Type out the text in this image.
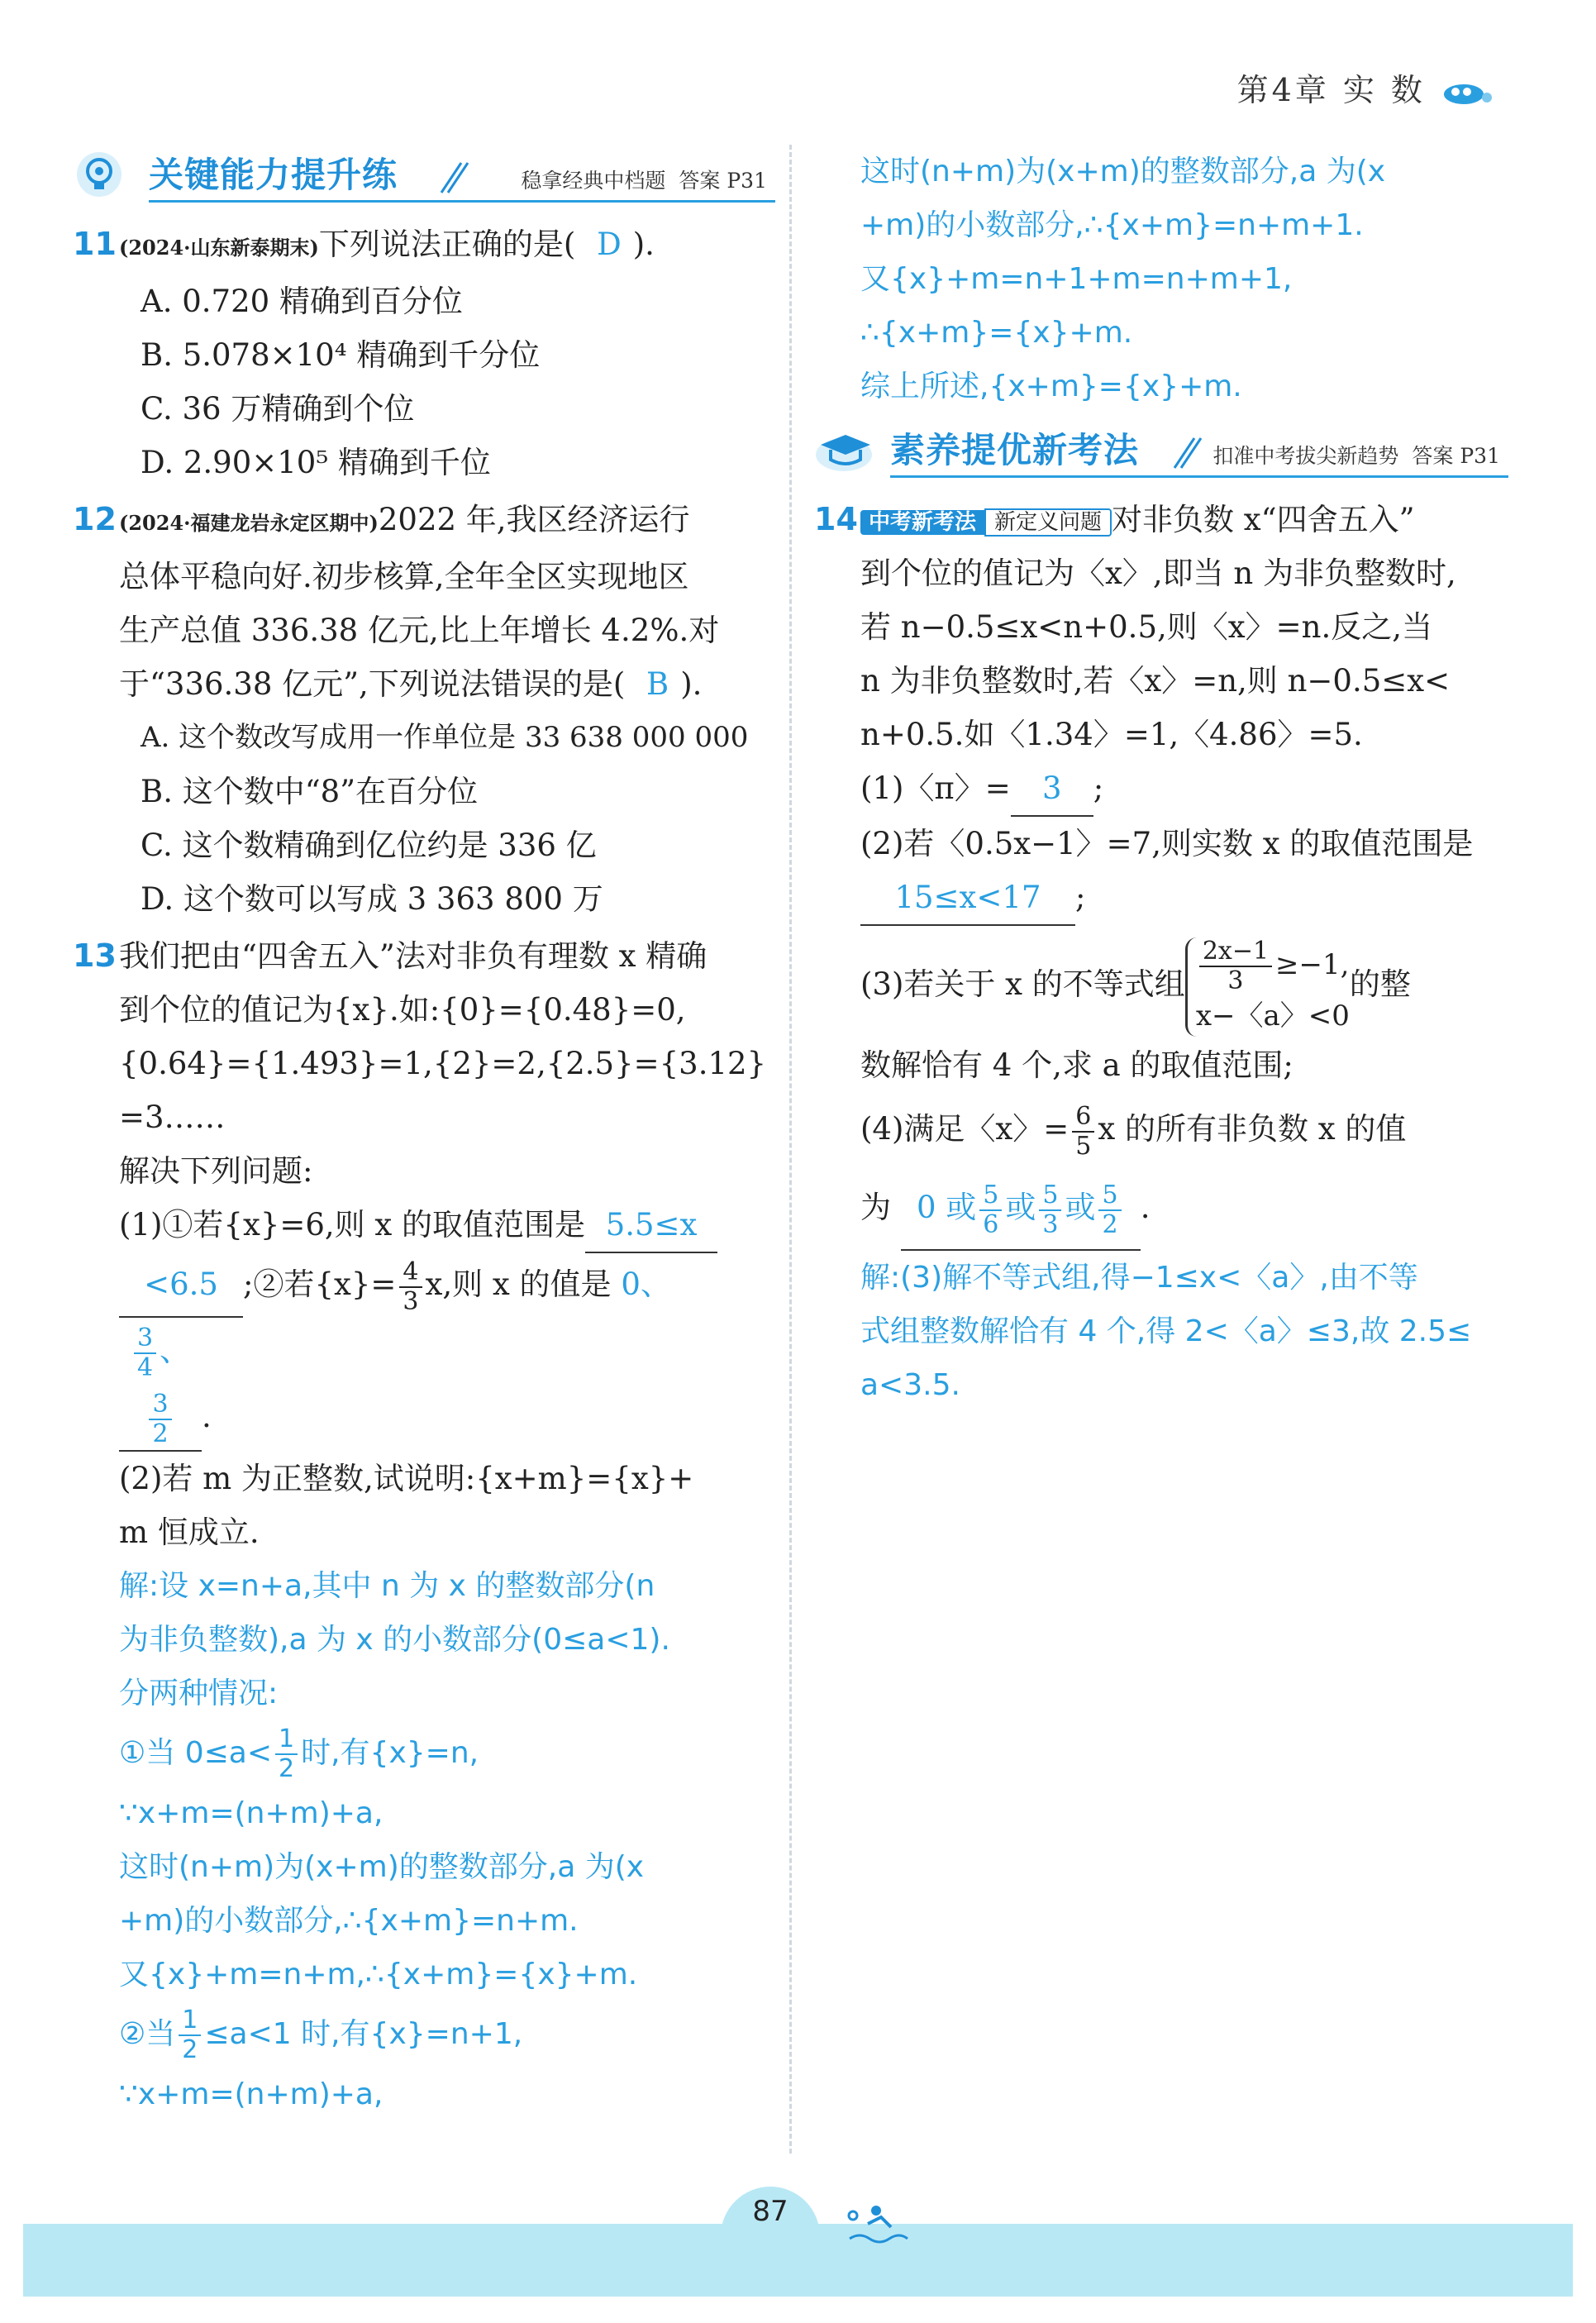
第4章 实 数
关键能力提升练	稳拿经典中档题 答案 P31
11 (2024·山东新泰期末)下列说法正确的是( D ).
A. 0.720 精确到百分位
B. 5.078×10⁴ 精确到千分位
C. 36 万精确到个位
D. 2.90×10⁵ 精确到千位
12 (2024·福建龙岩永定区期中)2022 年,我区经济运行
总体平稳向好.初步核算,全年全区实现地区
生产总值 336.38 亿元,比上年增长 4.2%.对
于“336.38 亿元”,下列说法错误的是( B ).
A. 这个数改写成用一作单位是 33 638 000 000
B. 这个数中“8”在百分位
C. 这个数精确到亿位约是 336 亿
D. 这个数可以写成 3 363 800 万
13 我们把由“四舍五入”法对非负有理数 x 精确
到个位的值记为{x}.如:{0}={0.48}=0,
{0.64}={1.493}=1,{2}=2,{2.5}={3.12}
=3……
解决下列问题:
(1)①若{x}=6,则 x 的取值范围是 5.5≤x
<6.5 ;②若$\{x\}= \frac{4}{3} x$,则 x 的值是 0、
$\frac{3}{4}$ 、
$\frac{3}{2}$ .
(2)若 m 为正整数,试说明:{x+m}={x}+
m 恒成立.
解:设 x=n+a,其中 n 为 x 的整数部分(n
为非负整数),a 为 x 的小数部分(0≤a<1).
分两种情况:
①当 $0\le a< \frac{1}{2}$ 时,有{x}=n,
∵x+m=(n+m)+a,
这时(n+m)为(x+m)的整数部分,a 为(x
+m)的小数部分,∴{x+m}=n+m.
又{x}+m=n+m,∴{x+m}={x}+m.
②当 $\frac{1}{2} \le a<1$ 时,有{x}=n+1,
∵x+m=(n+m)+a,
这时(n+m)为(x+m)的整数部分,a 为(x
+m)的小数部分,∴{x+m}=n+m+1.
又{x}+m=n+1+m=n+m+1,
∴{x+m}={x}+m.
综上所述,{x+m}={x}+m.
素养提优新考法	扣准中考拔尖新趋势 答案 P31
14 中考新考法 新定义问题 对非负数 x“四舍五入”
到个位的值记为〈x〉,即当 n 为非负整数时,
若 n−0.5≤x<n+0.5,则〈x〉=n.反之,当
n 为非负整数时,若〈x〉=n,则 n−0.5≤x<
n+0.5.如〈1.34〉=1,〈4.86〉=5.
(1)〈π〉= 3 ;
(2)若〈0.5x−1〉=7,则实数 x 的取值范围是
15≤x<17 ;
(3)若关于 x 的不等式组 $\frac{2x-1}{3} \ge-1$,
x−〈a〉<0
的整
数解恰有 4 个,求 a 的取值范围;
(4)满足〈x〉= $\frac{6}{5}$ x 的所有非负数 x 的值
为 0 或 $\frac{5}{6}$ 或 $\frac{5}{3}$ 或 $\frac{5}{2}$ .
解:(3)解不等式组,得−1≤x<〈a〉,由不等
式组整数解恰有 4 个,得 2<〈a〉≤3,故 2.5≤
a<3.5.
87
